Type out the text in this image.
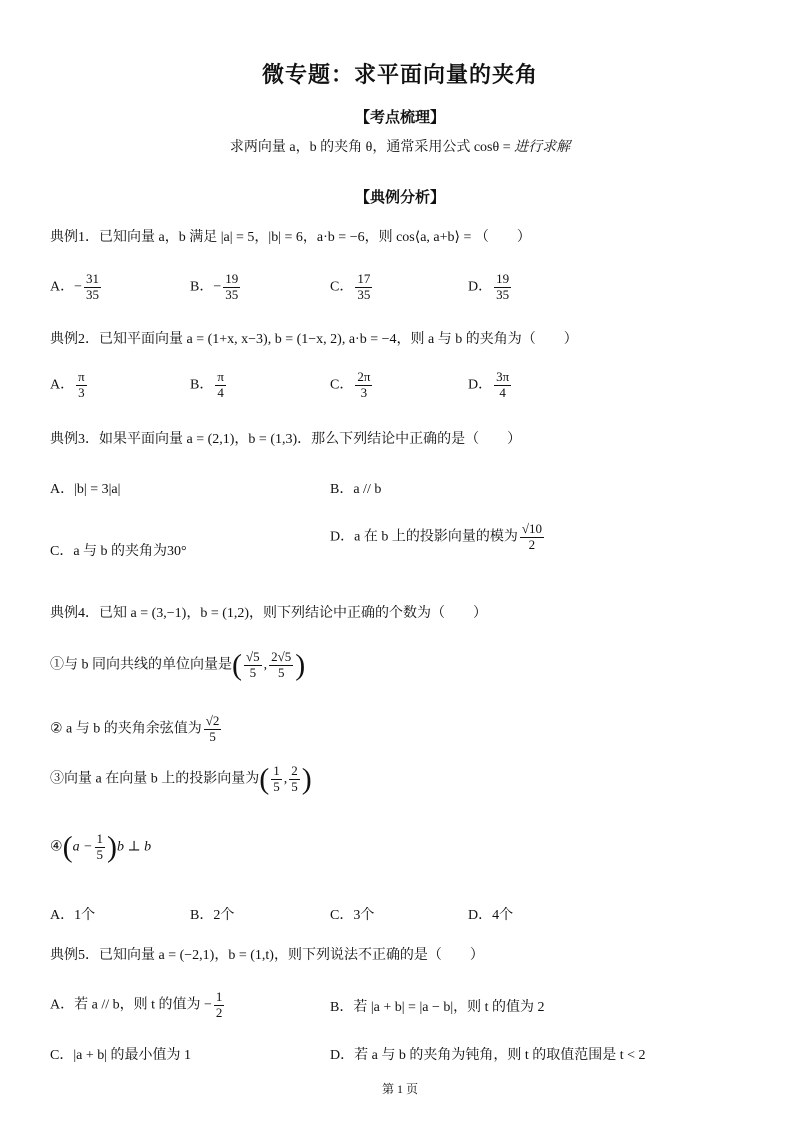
微专题：求平面向量的夹角
【考点梳理】
求两向量 a，b 的夹角 θ，通常采用公式 cosθ = 进行求解
【典例分析】
典例1．已知向量 a，b 满足 |a| = 5，|b| = 6，a·b = −6，则 cos⟨a, a+b⟩ = （　　）
A．− $\frac{31}{35}$	B．− $\frac{19}{35}$	C． $\frac{17}{35}$	D． $\frac{19}{35}$
典例2．已知平面向量 a = (1+x, x−3), b = (1−x, 2), a·b = −4，则 a 与 b 的夹角为（　　）
A． $\frac{\pi}{3}$	B． $\frac{\pi}{4}$	C． $\frac{2\pi}{3}$	D． $\frac{3\pi}{4}$
典例3．如果平面向量 a = (2,1)，b = (1,3)．那么下列结论中正确的是（　　）
A．|b| = 3|a|	B．a // b
C．a 与 b 的夹角为30°
D．a 在 b 上的投影向量的模为 $\frac{√10}{2}$
典例4．已知 a = (3,−1)，b = (1,2)，则下列结论中正确的个数为（　　）
①与 b 同向共线的单位向量是( $\frac{√5}{5}$ , $\frac{2√5}{5}$ )
② a 与 b 的夹角余弦值为 $\frac{√2}{5}$
③向量 a 在向量 b 上的投影向量为( $\frac{1}{5}$ , $\frac{2}{5}$ )
④(a − $\frac{1}{5} )b$ ⊥ b
A．1个	B．2个	C．3个	D．4个
典例5．已知向量 a = (−2,1)，b = (1,t)，则下列说法不正确的是（　　）
A．若 a // b，则 t 的值为 − $\frac{1}{2}$	B．若 |a + b| = |a − b|，则 t 的值为 2
C．|a + b| 的最小值为 1	D．若 a 与 b 的夹角为钝角，则 t 的取值范围是 t < 2
第 1 页
